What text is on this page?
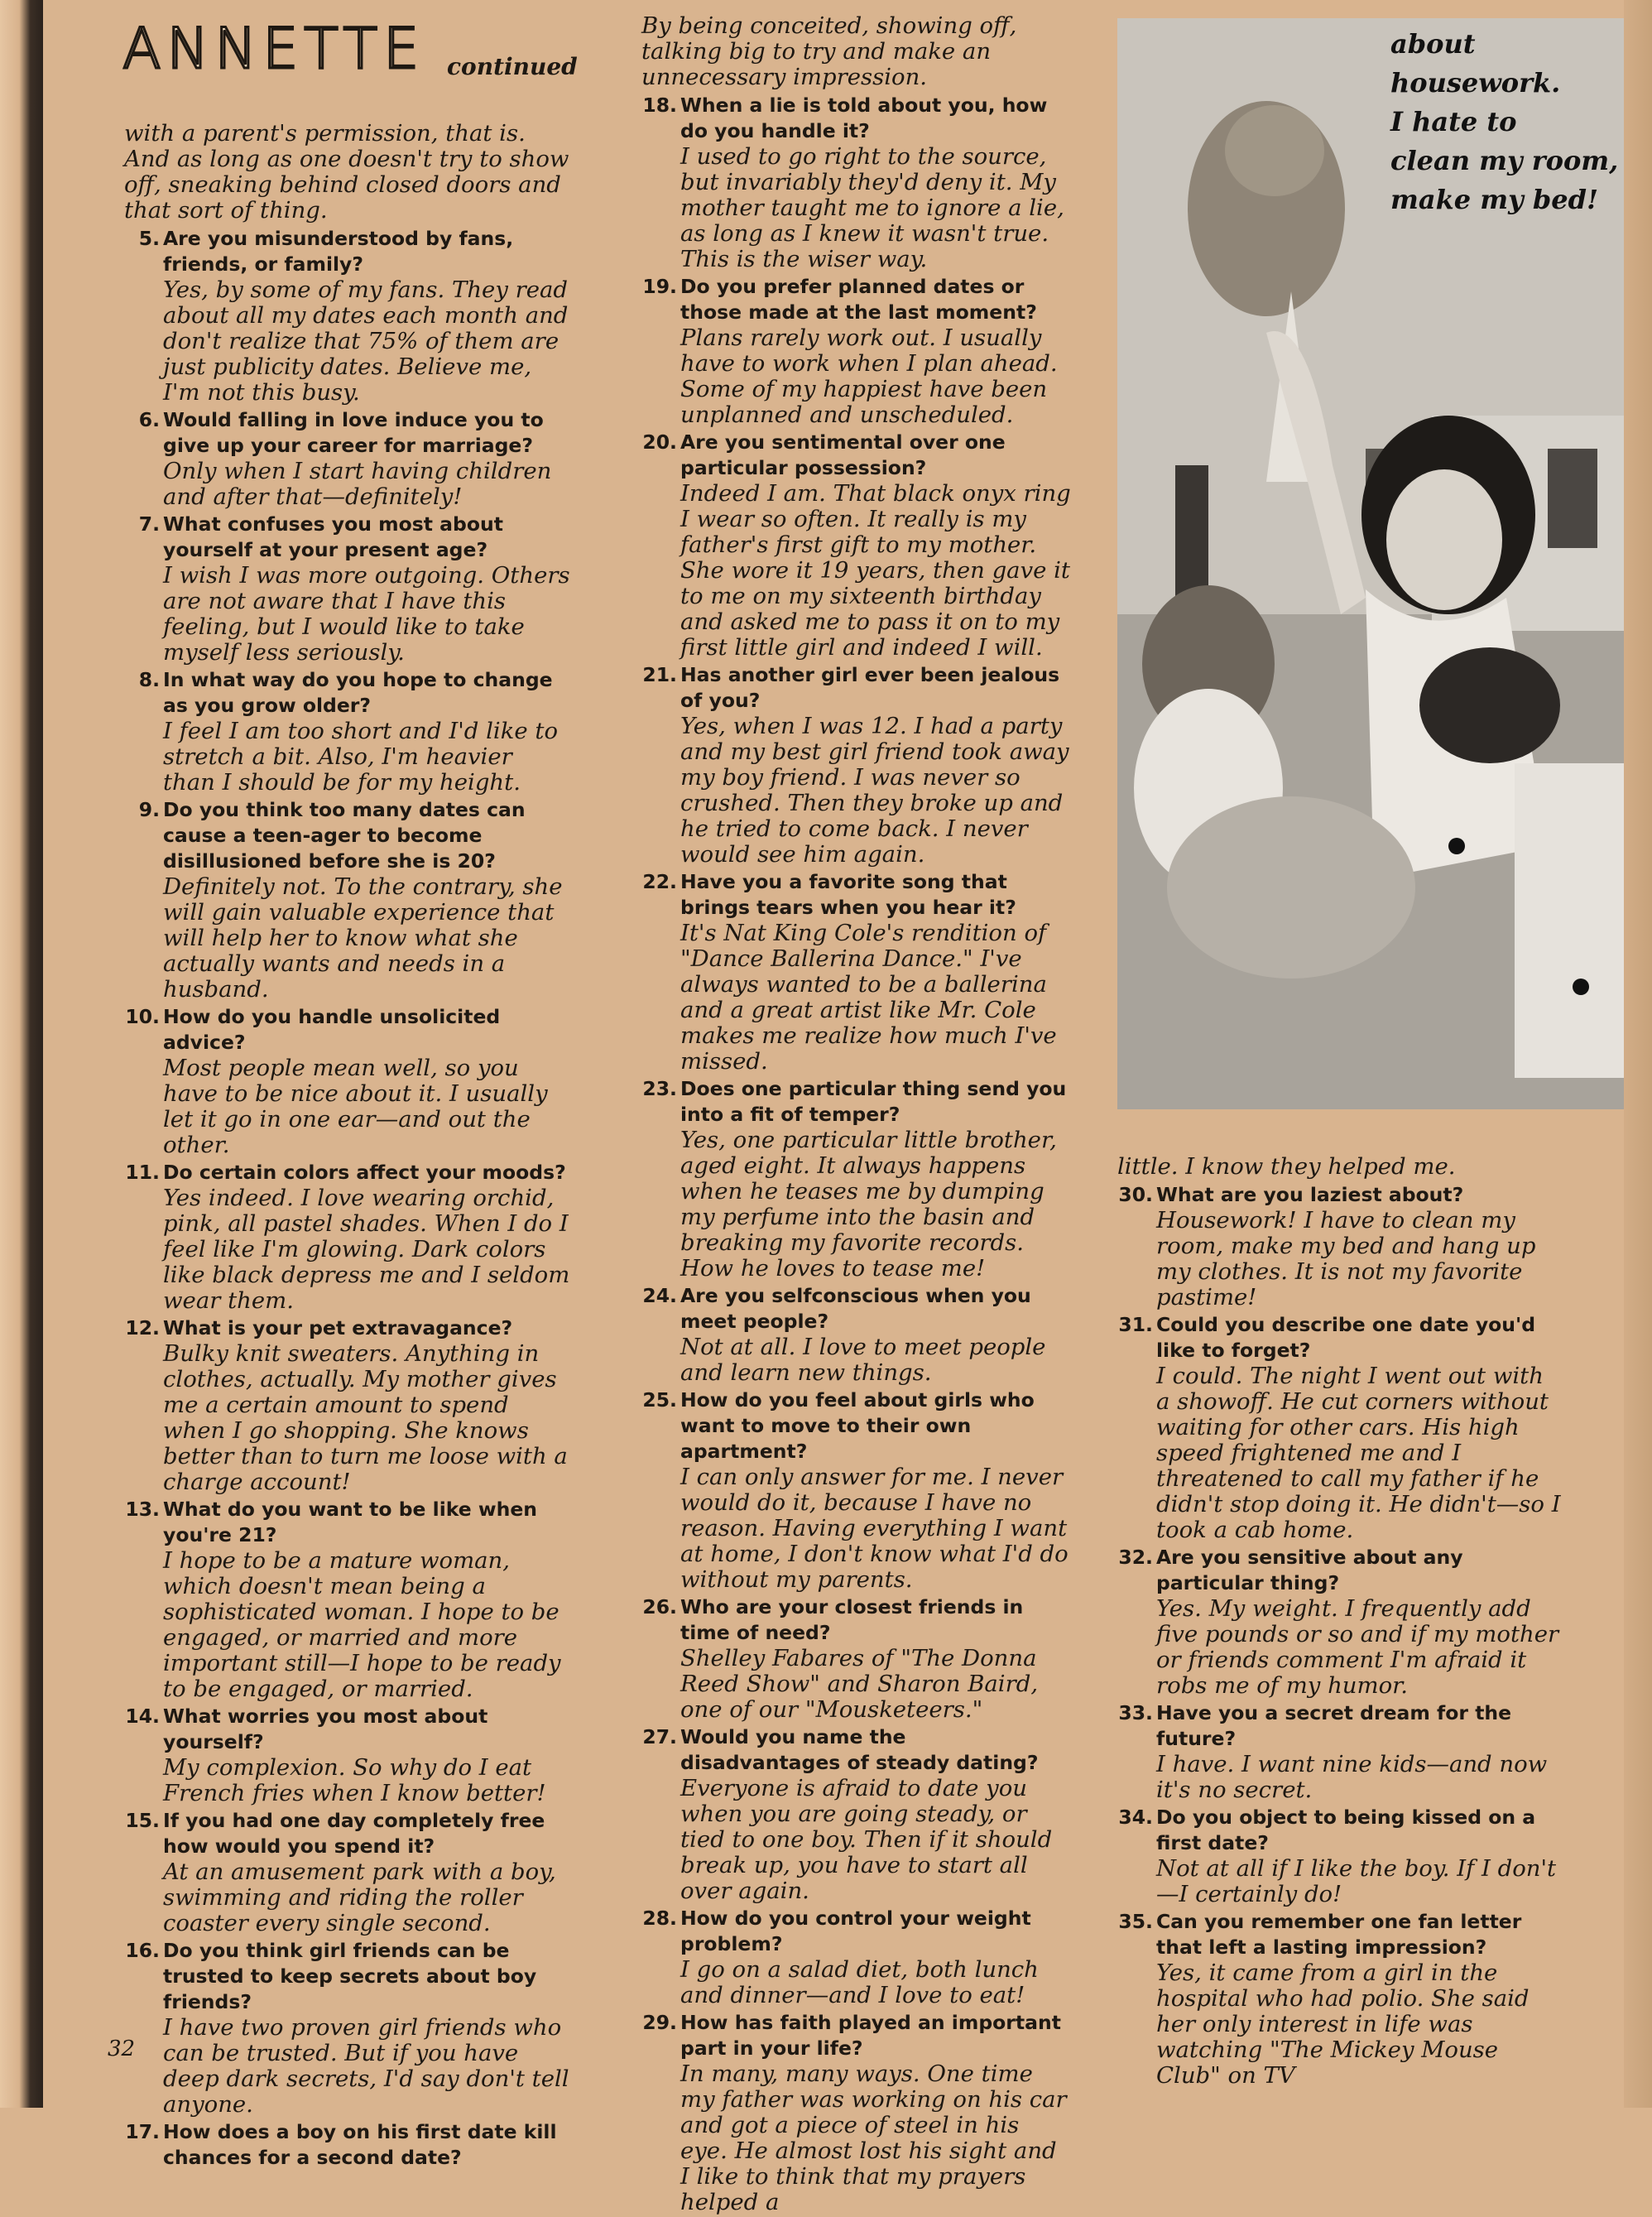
ANNETTE continued
about housework.
I hate to
clean my room,
make my bed!

with a parent's permission, that is. And as long as one doesn't try to show off, sneaking behind closed doors and that sort of thing.

5. Are you misunderstood by fans, friends, or family?

Yes, by some of my fans. They read about all my dates each month and don't realize that 75% of them are just publicity dates. Believe me, I'm not this busy.

6. Would falling in love induce you to give up your career for marriage?

Only when I start having children and after that—definitely!

7. What confuses you most about yourself at your present age?

I wish I was more outgoing. Others are not aware that I have this feeling, but I would like to take myself less seriously.

8. In what way do you hope to change as you grow older?

I feel I am too short and I'd like to stretch a bit. Also, I'm heavier than I should be for my height.

9. Do you think too many dates can cause a teen-ager to become disillusioned before she is 20?

Definitely not. To the contrary, she will gain valuable experience that will help her to know what she actually wants and needs in a husband.

10. How do you handle unsolicited advice?

Most people mean well, so you have to be nice about it. I usually let it go in one ear—and out the other.

11. Do certain colors affect your moods?

Yes indeed. I love wearing orchid, pink, all pastel shades. When I do I feel like I'm glowing. Dark colors like black depress me and I seldom wear them.

12. What is your pet extravagance?

Bulky knit sweaters. Anything in clothes, actually. My mother gives me a certain amount to spend when I go shopping. She knows better than to turn me loose with a charge account!

13. What do you want to be like when you're 21?

I hope to be a mature woman, which doesn't mean being a sophisticated woman. I hope to be engaged, or married and more important still—I hope to be ready to be engaged, or married.

14. What worries you most about yourself?

My complexion. So why do I eat French fries when I know better!

15. If you had one day completely free how would you spend it?

At an amusement park with a boy, swimming and riding the roller coaster every single second.

16. Do you think girl friends can be trusted to keep secrets about boy friends?

I have two proven girl friends who can be trusted. But if you have deep dark secrets, I'd say don't tell anyone.

17. How does a boy on his first date kill chances for a second date?

By being conceited, showing off, talking big to try and make an unnecessary impression.

18. When a lie is told about you, how do you handle it?

I used to go right to the source, but invariably they'd deny it. My mother taught me to ignore a lie, as long as I knew it wasn't true. This is the wiser way.

19. Do you prefer planned dates or those made at the last moment?

Plans rarely work out. I usually have to work when I plan ahead. Some of my happiest have been unplanned and unscheduled.

20. Are you sentimental over one particular possession?

Indeed I am. That black onyx ring I wear so often. It really is my father's first gift to my mother. She wore it 19 years, then gave it to me on my sixteenth birthday and asked me to pass it on to my first little girl and indeed I will.

21. Has another girl ever been jealous of you?

Yes, when I was 12. I had a party and my best girl friend took away my boy friend. I was never so crushed. Then they broke up and he tried to come back. I never would see him again.

22. Have you a favorite song that brings tears when you hear it?

It's Nat King Cole's rendition of "Dance Ballerina Dance." I've always wanted to be a ballerina and a great artist like Mr. Cole makes me realize how much I've missed.

23. Does one particular thing send you into a fit of temper?

Yes, one particular little brother, aged eight. It always happens when he teases me by dumping my perfume into the basin and breaking my favorite records. How he loves to tease me!

24. Are you selfconscious when you meet people?

Not at all. I love to meet people and learn new things.

25. How do you feel about girls who want to move to their own apartment?

I can only answer for me. I never would do it, because I have no reason. Having everything I want at home, I don't know what I'd do without my parents.

26. Who are your closest friends in time of need?

Shelley Fabares of "The Donna Reed Show" and Sharon Baird, one of our "Mousketeers."

27. Would you name the disadvantages of steady dating?

Everyone is afraid to date you when you are going steady, or tied to one boy. Then if it should break up, you have to start all over again.

28. How do you control your weight problem?

I go on a salad diet, both lunch and dinner—and I love to eat!

29. How has faith played an important part in your life?

In many, many ways. One time my father was working on his car and got a piece of steel in his eye. He almost lost his sight and I like to think that my prayers helped a

little. I know they helped me.

30. What are you laziest about?

Housework! I have to clean my room, make my bed and hang up my clothes. It is not my favorite pastime!

31. Could you describe one date you'd like to forget?

I could. The night I went out with a showoff. He cut corners without waiting for other cars. His high speed frightened me and I threatened to call my father if he didn't stop doing it. He didn't—so I took a cab home.

32. Are you sensitive about any particular thing?

Yes. My weight. I frequently add five pounds or so and if my mother or friends comment I'm afraid it robs me of my humor.

33. Have you a secret dream for the future?

I have. I want nine kids—and now it's no secret.

34. Do you object to being kissed on a first date?

Not at all if I like the boy. If I don't—I certainly do!

35. Can you remember one fan letter that left a lasting impression?

Yes, it came from a girl in the hospital who had polio. She said her only interest in life was watching "The Mickey Mouse Club" on TV

32
